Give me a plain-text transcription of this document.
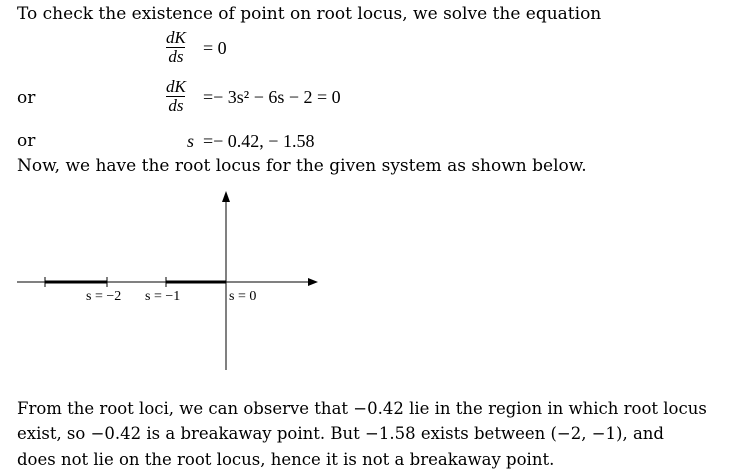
To check the existence of point on root locus, we solve the equation
$\frac{dK}{ds} = 0$
or	$\frac{dK}{ds} =- 3s^2 - 6s - 2 = 0$
or	s =− 0.42, − 1.58
Now, we have the root locus for the given system as shown below.
s = −2 s = −1	s = 0
From the root loci, we can observe that −0.42 lie in the region in which root locus
exist, so −0.42 is a breakaway point. But −1.58 exists between (−2, −1), and
does not lie on the root locus, hence it is not a breakaway point.
